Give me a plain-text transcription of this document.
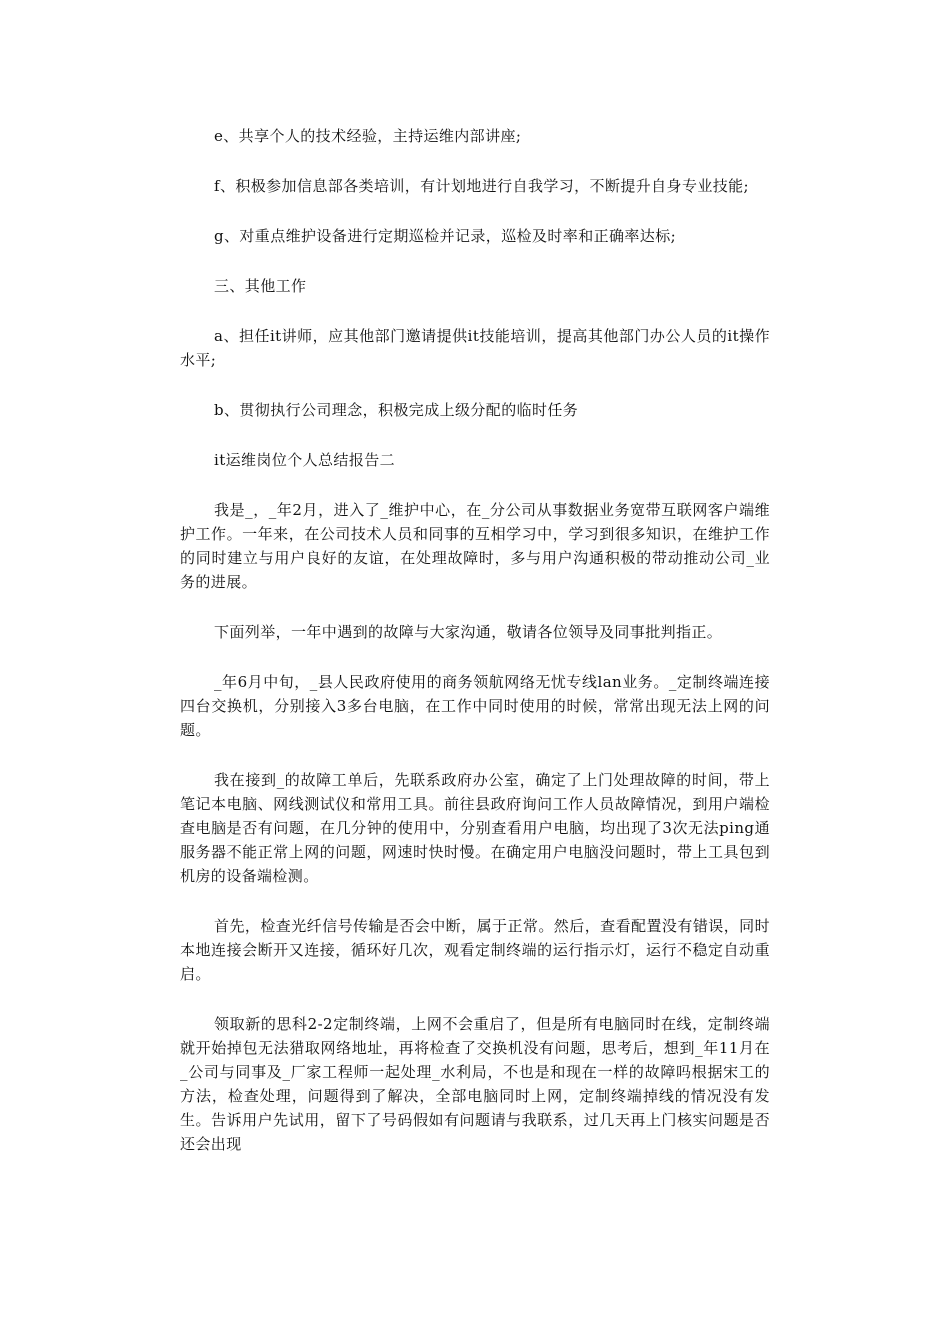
e、共享个人的技术经验，主持运维内部讲座;

f、积极参加信息部各类培训，有计划地进行自我学习，不断提升自身专业技能;

g、对重点维护设备进行定期巡检并记录，巡检及时率和正确率达标;

三、其他工作

a、担任it讲师，应其他部门邀请提供it技能培训，提高其他部门办公人员的it操作水平;

b、贯彻执行公司理念，积极完成上级分配的临时任务

it运维岗位个人总结报告二

我是_，_年2月，进入了_维护中心，在_分公司从事数据业务宽带互联网客户端维护工作。一年来，在公司技术人员和同事的互相学习中，学习到很多知识，在维护工作的同时建立与用户良好的友谊，在处理故障时，多与用户沟通积极的带动推动公司_业务的进展。

下面列举，一年中遇到的故障与大家沟通，敬请各位领导及同事批判指正。

_年6月中旬，_县人民政府使用的商务领航网络无忧专线lan业务。_定制终端连接四台交换机，分别接入3多台电脑，在工作中同时使用的时候，常常出现无法上网的问题。

我在接到_的故障工单后，先联系政府办公室，确定了上门处理故障的时间，带上笔记本电脑、网线测试仪和常用工具。前往县政府询问工作人员故障情况，到用户端检查电脑是否有问题，在几分钟的使用中，分别查看用户电脑，均出现了3次无法ping通服务器不能正常上网的问题，网速时快时慢。在确定用户电脑没问题时，带上工具包到机房的设备端检测。

首先，检查光纤信号传输是否会中断，属于正常。然后，查看配置没有错误，同时本地连接会断开又连接，循环好几次，观看定制终端的运行指示灯，运行不稳定自动重启。

领取新的思科2-2定制终端，上网不会重启了，但是所有电脑同时在线，定制终端就开始掉包无法猎取网络地址，再将检查了交换机没有问题，思考后，想到_年11月在_公司与同事及_厂家工程师一起处理_水利局，不也是和现在一样的故障吗根据宋工的方法，检查处理，问题得到了解决，全部电脑同时上网，定制终端掉线的情况没有发生。告诉用户先试用，留下了号码假如有问题请与我联系，过几天再上门核实问题是否还会出现
